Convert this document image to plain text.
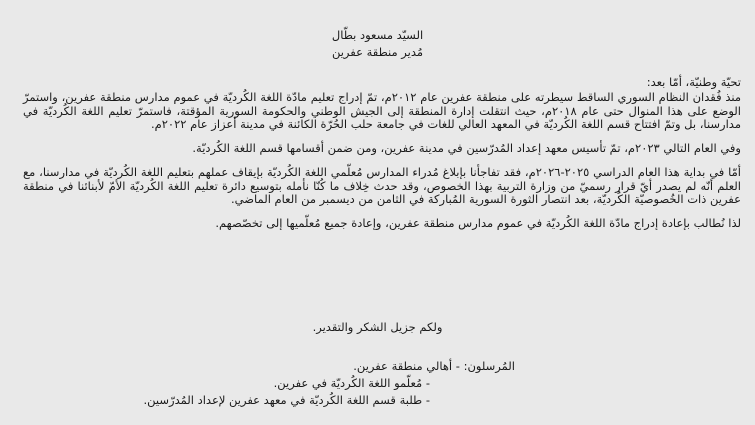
السيّد مسعود بطّال
مُدير منطقة عفرين

تحيّة وطنيّة، أمّا بعد:

منذ فُقدان النظام السوري الساقط سيطرته على منطقة عفرين عام ٢٠١٢م، تمّ إدراج تعليم مادّة اللغة الكُرديّة في عموم مدارس منطقة عفرين، واستمرّ الوضع على هذا المنوال حتى عام ٢٠١٨م، حيث انتقلت إدارة المنطقة إلى الجيش الوطني والحكومة السورية المؤقتة، فاستمرّ تعليم اللغة الكُرديّة في مدارسنا، بل وتمّ افتتاح قسم اللغة الكُرديّة في المعهد العالي للغات في جامعة حلب الحُرّة الكائنة في مدينة أعزاز عام ٢٠٢٢م.

وفي العام التالي ٢٠٢٣م، تمّ تأسيس معهد إعداد المُدرّسين في مدينة عفرين، ومن ضمن أقسامها قسم اللغة الكُرديّة.

أمّا في بداية هذا العام الدراسي ٢٠٢٥-٢٠٢٦م، فقد تفاجأنا بإبلاغ مُدراء المدارس مُعلّمي اللغة الكُرديّة بإيقاف عملهم بتعليم اللغة الكُرديّة في مدارسنا، مع العلم أنّه لم يصدر أيّ قرار رسميّ من وزارة التربية بهذا الخصوص، وقد حدث خِلاف ما كُنّا نأمله بتوسيع دائرة تعليم اللغة الكُرديّة الأمّ لأبنائنا في منطقة عفرين ذات الخُصوصيّة الكُرديّة، بعد انتصار الثورة السورية المُباركة في الثامن من ديسمبر من العام الماضي.

لذا نُطالب بإعادة إدراج مادّة اللغة الكُرديّة في عموم مدارس منطقة عفرين، وإعادة جميع مُعلّميها إلى تخصّصهم.

ولكم جزيل الشكر والتقدير.
المُرسلون: - أهالي منطقة عفرين.
- مُعلّمو اللغة الكُرديّة في عفرين.
- طلبة قسم اللغة الكُرديّة في معهد عفرين لإعداد المُدرّسين.
